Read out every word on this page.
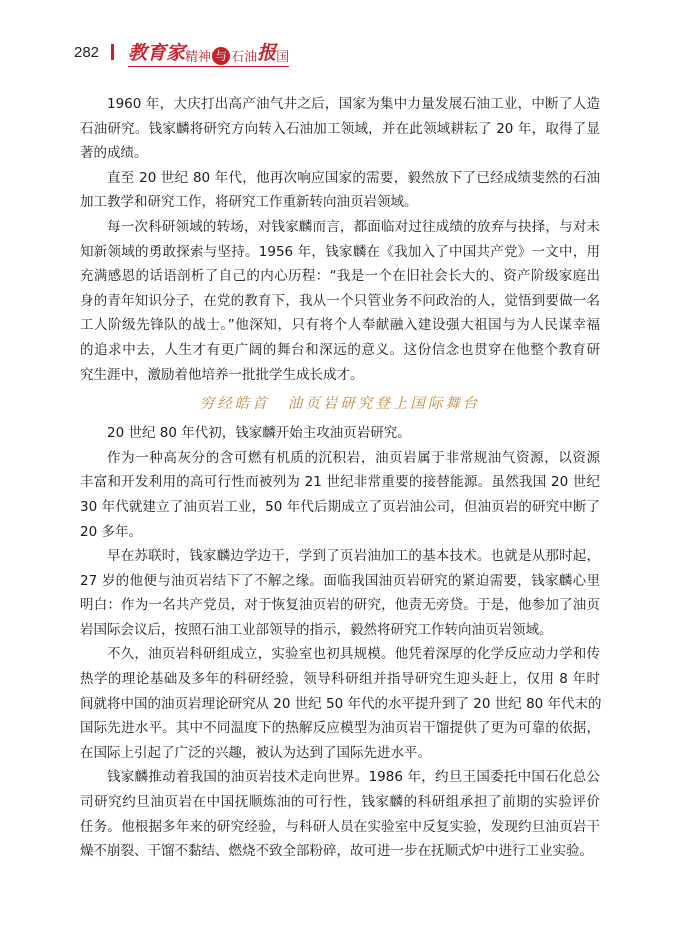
282 教育家 精神 与 石油 报 国
1960 年，大庆打出高产油气井之后，国家为集中力量发展石油工业，中断了人造
石油研究。钱家麟将研究方向转入石油加工领域，并在此领域耕耘了 20 年，取得了显
著的成绩。
直至 20 世纪 80 年代，他再次响应国家的需要，毅然放下了已经成绩斐然的石油
加工教学和研究工作，将研究工作重新转向油页岩领域。
每一次科研领域的转场，对钱家麟而言，都面临对过往成绩的放弃与抉择，与对未
知新领域的勇敢探索与坚持。1956 年，钱家麟在《我加入了中国共产党》一文中，用
充满感恩的话语剖析了自己的内心历程：“我是一个在旧社会长大的、资产阶级家庭出
身的青年知识分子，在党的教育下，我从一个只管业务不问政治的人，觉悟到要做一名
工人阶级先锋队的战士。”他深知，只有将个人奉献融入建设强大祖国与为人民谋幸福
的追求中去，人生才有更广阔的舞台和深远的意义。这份信念也贯穿在他整个教育研
究生涯中，激励着他培养一批批学生成长成才。
穷经皓首 油页岩研究登上国际舞台
20 世纪 80 年代初，钱家麟开始主攻油页岩研究。
作为一种高灰分的含可燃有机质的沉积岩，油页岩属于非常规油气资源，以资源
丰富和开发利用的高可行性而被列为 21 世纪非常重要的接替能源。虽然我国 20 世纪
30 年代就建立了油页岩工业，50 年代后期成立了页岩油公司，但油页岩的研究中断了
20 多年。
早在苏联时，钱家麟边学边干，学到了页岩油加工的基本技术。也就是从那时起，
27 岁的他便与油页岩结下了不解之缘。面临我国油页岩研究的紧迫需要，钱家麟心里
明白：作为一名共产党员，对于恢复油页岩的研究，他责无旁贷。于是，他参加了油页
岩国际会议后，按照石油工业部领导的指示，毅然将研究工作转向油页岩领域。
不久，油页岩科研组成立，实验室也初具规模。他凭着深厚的化学反应动力学和传
热学的理论基础及多年的科研经验，领导科研组并指导研究生迎头赶上，仅用 8 年时
间就将中国的油页岩理论研究从 20 世纪 50 年代的水平提升到了 20 世纪 80 年代末的
国际先进水平。其中不同温度下的热解反应模型为油页岩干馏提供了更为可靠的依据，
在国际上引起了广泛的兴趣，被认为达到了国际先进水平。
钱家麟推动着我国的油页岩技术走向世界。1986 年，约旦王国委托中国石化总公
司研究约旦油页岩在中国抚顺炼油的可行性，钱家麟的科研组承担了前期的实验评价
任务。他根据多年来的研究经验，与科研人员在实验室中反复实验，发现约旦油页岩干
燥不崩裂、干馏不黏结、燃烧不致全部粉碎，故可进一步在抚顺式炉中进行工业实验。
